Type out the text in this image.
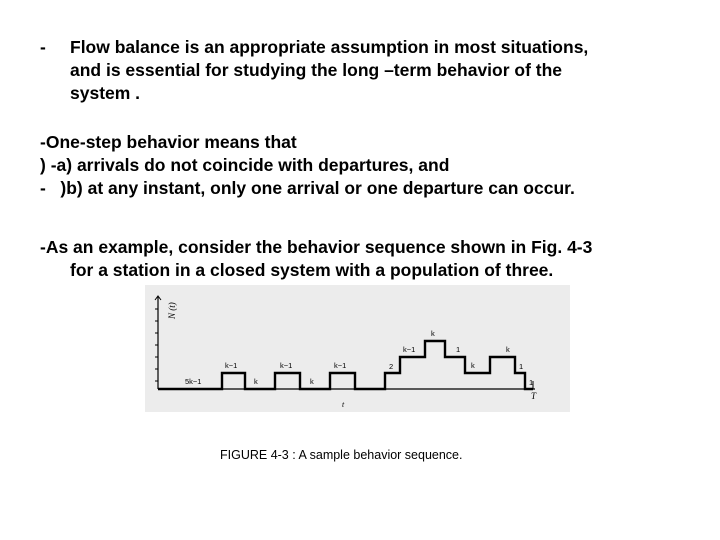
- Flow balance is an appropriate assumption in most situations,
and is essential for studying the long –term behavior of the
system .
-One-step behavior means that
) -a) arrivals do not coincide with departures, and
-   )b) at any instant, only one arrival or one departure can occur.
-As an example, consider the behavior sequence shown in Fig. 4-3
for a station in a closed system with a population of three.
N (t)
5k−1
k−1
k
k−1
k
k−1	2
k−1
k
1
k
k
1
1
T
t
FIGURE 4-3 : A sample behavior sequence.
